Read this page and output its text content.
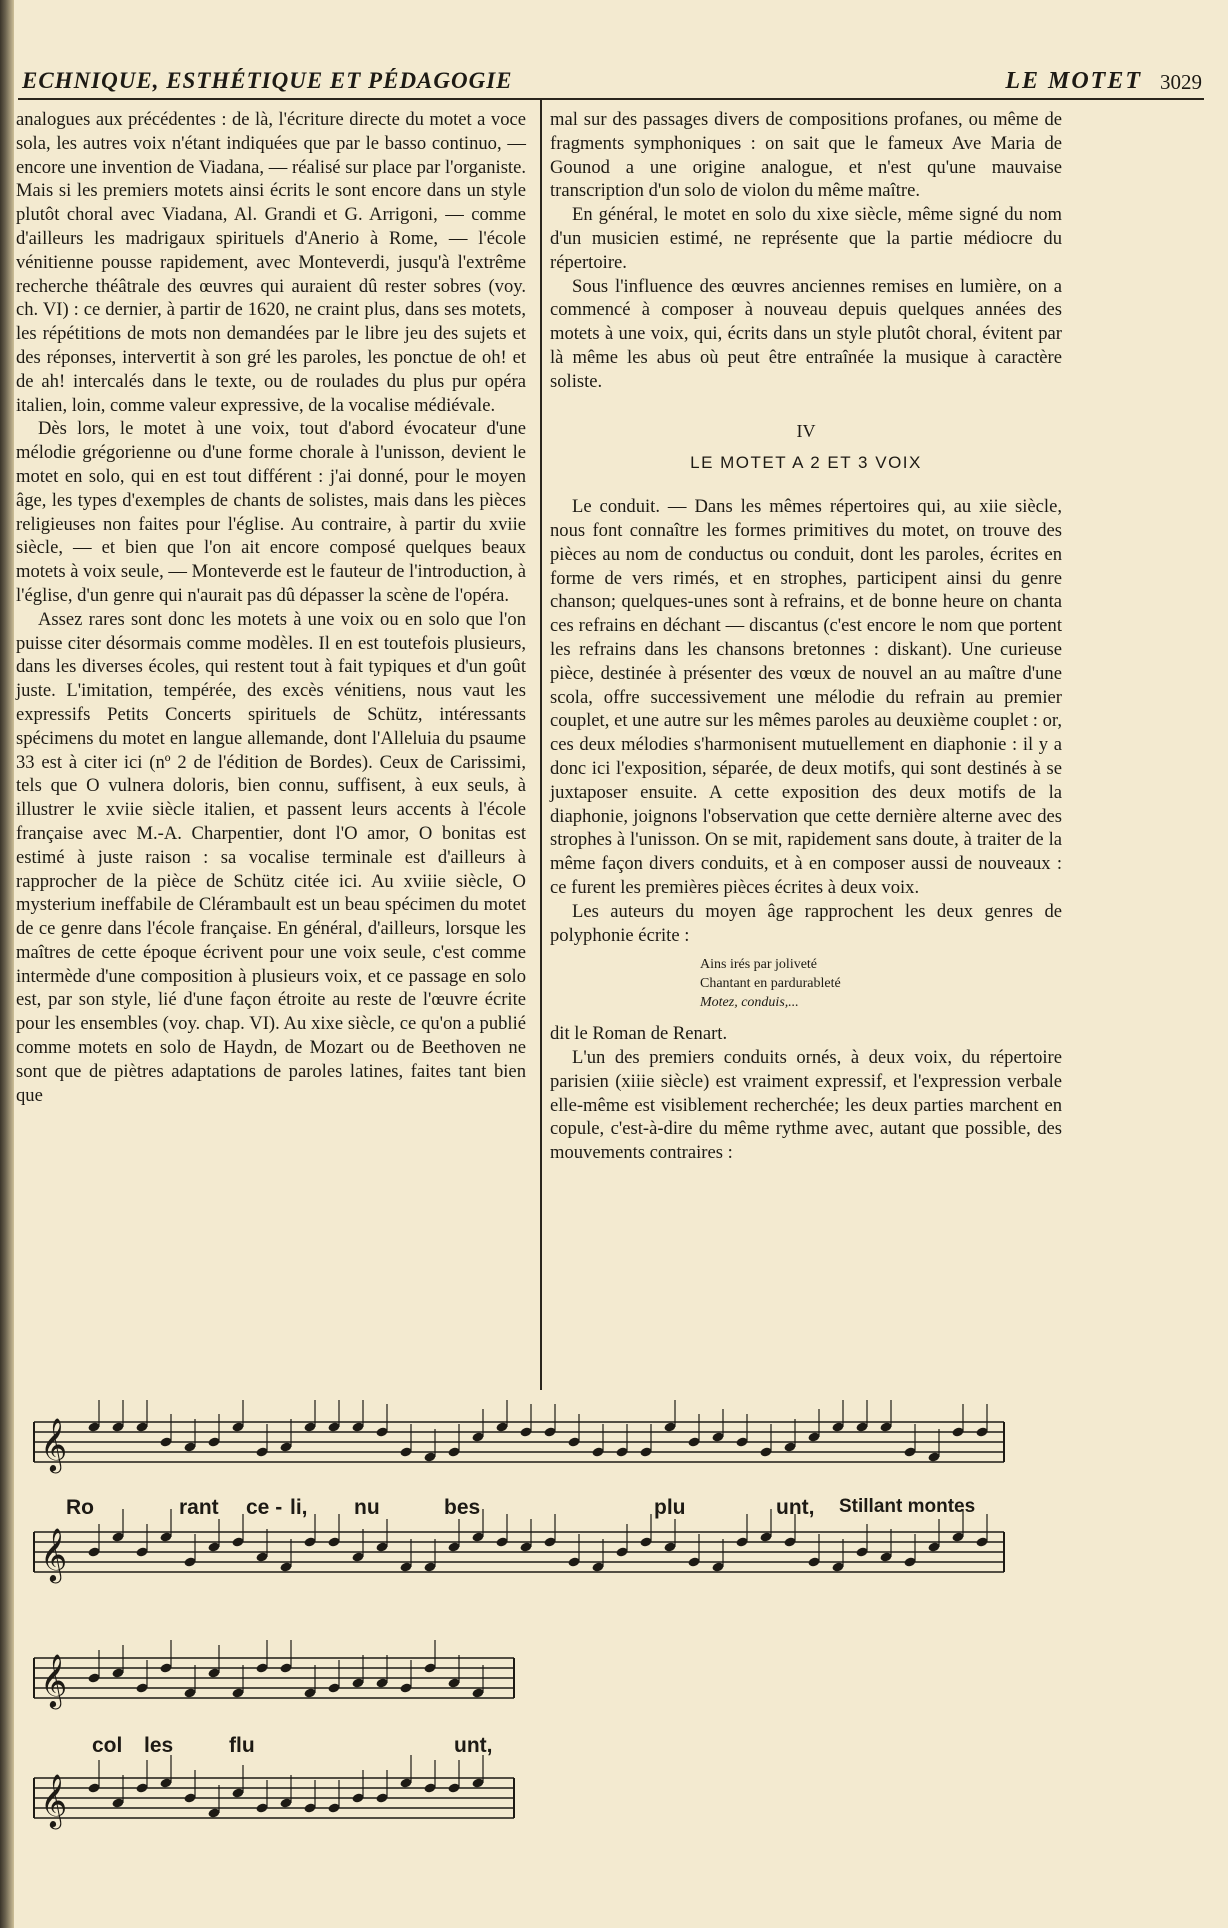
ECHNIQUE, ESTHÉTIQUE ET PÉDAGOGIE	LE MOTET 3029

analogues aux précédentes : de là, l'écriture directe du motet a voce sola, les autres voix n'étant indiquées que par le basso continuo, — encore une invention de Viadana, — réalisé sur place par l'organiste. Mais si les premiers motets ainsi écrits le sont encore dans un style plutôt choral avec Viadana, Al. Grandi et G. Arrigoni, — comme d'ailleurs les madrigaux spirituels d'Anerio à Rome, — l'école vénitienne pousse rapidement, avec Monteverdi, jusqu'à l'extrême recherche théâtrale des œuvres qui auraient dû rester sobres (voy. ch. VI) : ce dernier, à partir de 1620, ne craint plus, dans ses motets, les répétitions de mots non demandées par le libre jeu des sujets et des réponses, intervertit à son gré les paroles, les ponctue de oh! et de ah! intercalés dans le texte, ou de roulades du plus pur opéra italien, loin, comme valeur expressive, de la vocalise médiévale.

Dès lors, le motet à une voix, tout d'abord évocateur d'une mélodie grégorienne ou d'une forme chorale à l'unisson, devient le motet en solo, qui en est tout différent : j'ai donné, pour le moyen âge, les types d'exemples de chants de solistes, mais dans les pièces religieuses non faites pour l'église. Au contraire, à partir du xviie siècle, — et bien que l'on ait encore composé quelques beaux motets à voix seule, — Monteverde est le fauteur de l'introduction, à l'église, d'un genre qui n'aurait pas dû dépasser la scène de l'opéra.

Assez rares sont donc les motets à une voix ou en solo que l'on puisse citer désormais comme modèles. Il en est toutefois plusieurs, dans les diverses écoles, qui restent tout à fait typiques et d'un goût juste. L'imitation, tempérée, des excès vénitiens, nous vaut les expressifs Petits Concerts spirituels de Schütz, intéressants spécimens du motet en langue allemande, dont l'Alleluia du psaume 33 est à citer ici (nº 2 de l'édition de Bordes). Ceux de Carissimi, tels que O vulnera doloris, bien connu, suffisent, à eux seuls, à illustrer le xviie siècle italien, et passent leurs accents à l'école française avec M.-A. Charpentier, dont l'O amor, O bonitas est estimé à juste raison : sa vocalise terminale est d'ailleurs à rapprocher de la pièce de Schütz citée ici. Au xviiie siècle, O mysterium ineffabile de Clérambault est un beau spécimen du motet de ce genre dans l'école française. En général, d'ailleurs, lorsque les maîtres de cette époque écrivent pour une voix seule, c'est comme intermède d'une composition à plusieurs voix, et ce passage en solo est, par son style, lié d'une façon étroite au reste de l'œuvre écrite pour les ensembles (voy. chap. VI). Au xixe siècle, ce qu'on a publié comme motets en solo de Haydn, de Mozart ou de Beethoven ne sont que de piètres adaptations de paroles latines, faites tant bien que

mal sur des passages divers de compositions profanes, ou même de fragments symphoniques : on sait que le fameux Ave Maria de Gounod a une origine analogue, et n'est qu'une mauvaise transcription d'un solo de violon du même maître.

En général, le motet en solo du xixe siècle, même signé du nom d'un musicien estimé, ne représente que la partie médiocre du répertoire.

Sous l'influence des œuvres anciennes remises en lumière, on a commencé à composer à nouveau depuis quelques années des motets à une voix, qui, écrits dans un style plutôt choral, évitent par là même les abus où peut être entraînée la musique à caractère soliste.

IV
LE MOTET A 2 ET 3 VOIX

Le conduit. — Dans les mêmes répertoires qui, au xiie siècle, nous font connaître les formes primitives du motet, on trouve des pièces au nom de conductus ou conduit, dont les paroles, écrites en forme de vers rimés, et en strophes, participent ainsi du genre chanson; quelques-unes sont à refrains, et de bonne heure on chanta ces refrains en déchant — discantus (c'est encore le nom que portent les refrains dans les chansons bretonnes : diskant). Une curieuse pièce, destinée à présenter des vœux de nouvel an au maître d'une scola, offre successivement une mélodie du refrain au premier couplet, et une autre sur les mêmes paroles au deuxième couplet : or, ces deux mélodies s'harmonisent mutuellement en diaphonie : il y a donc ici l'exposition, séparée, de deux motifs, qui sont destinés à se juxtaposer ensuite. A cette exposition des deux motifs de la diaphonie, joignons l'observation que cette dernière alterne avec des strophes à l'unisson. On se mit, rapidement sans doute, à traiter de la même façon divers conduits, et à en composer aussi de nouveaux : ce furent les premières pièces écrites à deux voix.

Les auteurs du moyen âge rapprochent les deux genres de polyphonie écrite :

Ains irés par joliveté
Chantant en pardurableté
Motez, conduis,...

dit le Roman de Renart.

L'un des premiers conduits ornés, à deux voix, du répertoire parisien (xiiie siècle) est vraiment expressif, et l'expression verbale elle-même est visiblement recherchée; les deux parties marchent en copule, c'est-à-dire du même rythme avec, autant que possible, des mouvements contraires :

𝄞
𝄞
𝄞
𝄞
Ro	rant ce - li, nu	bes	plu	unt, Stillant montes
col les	flu	unt,
